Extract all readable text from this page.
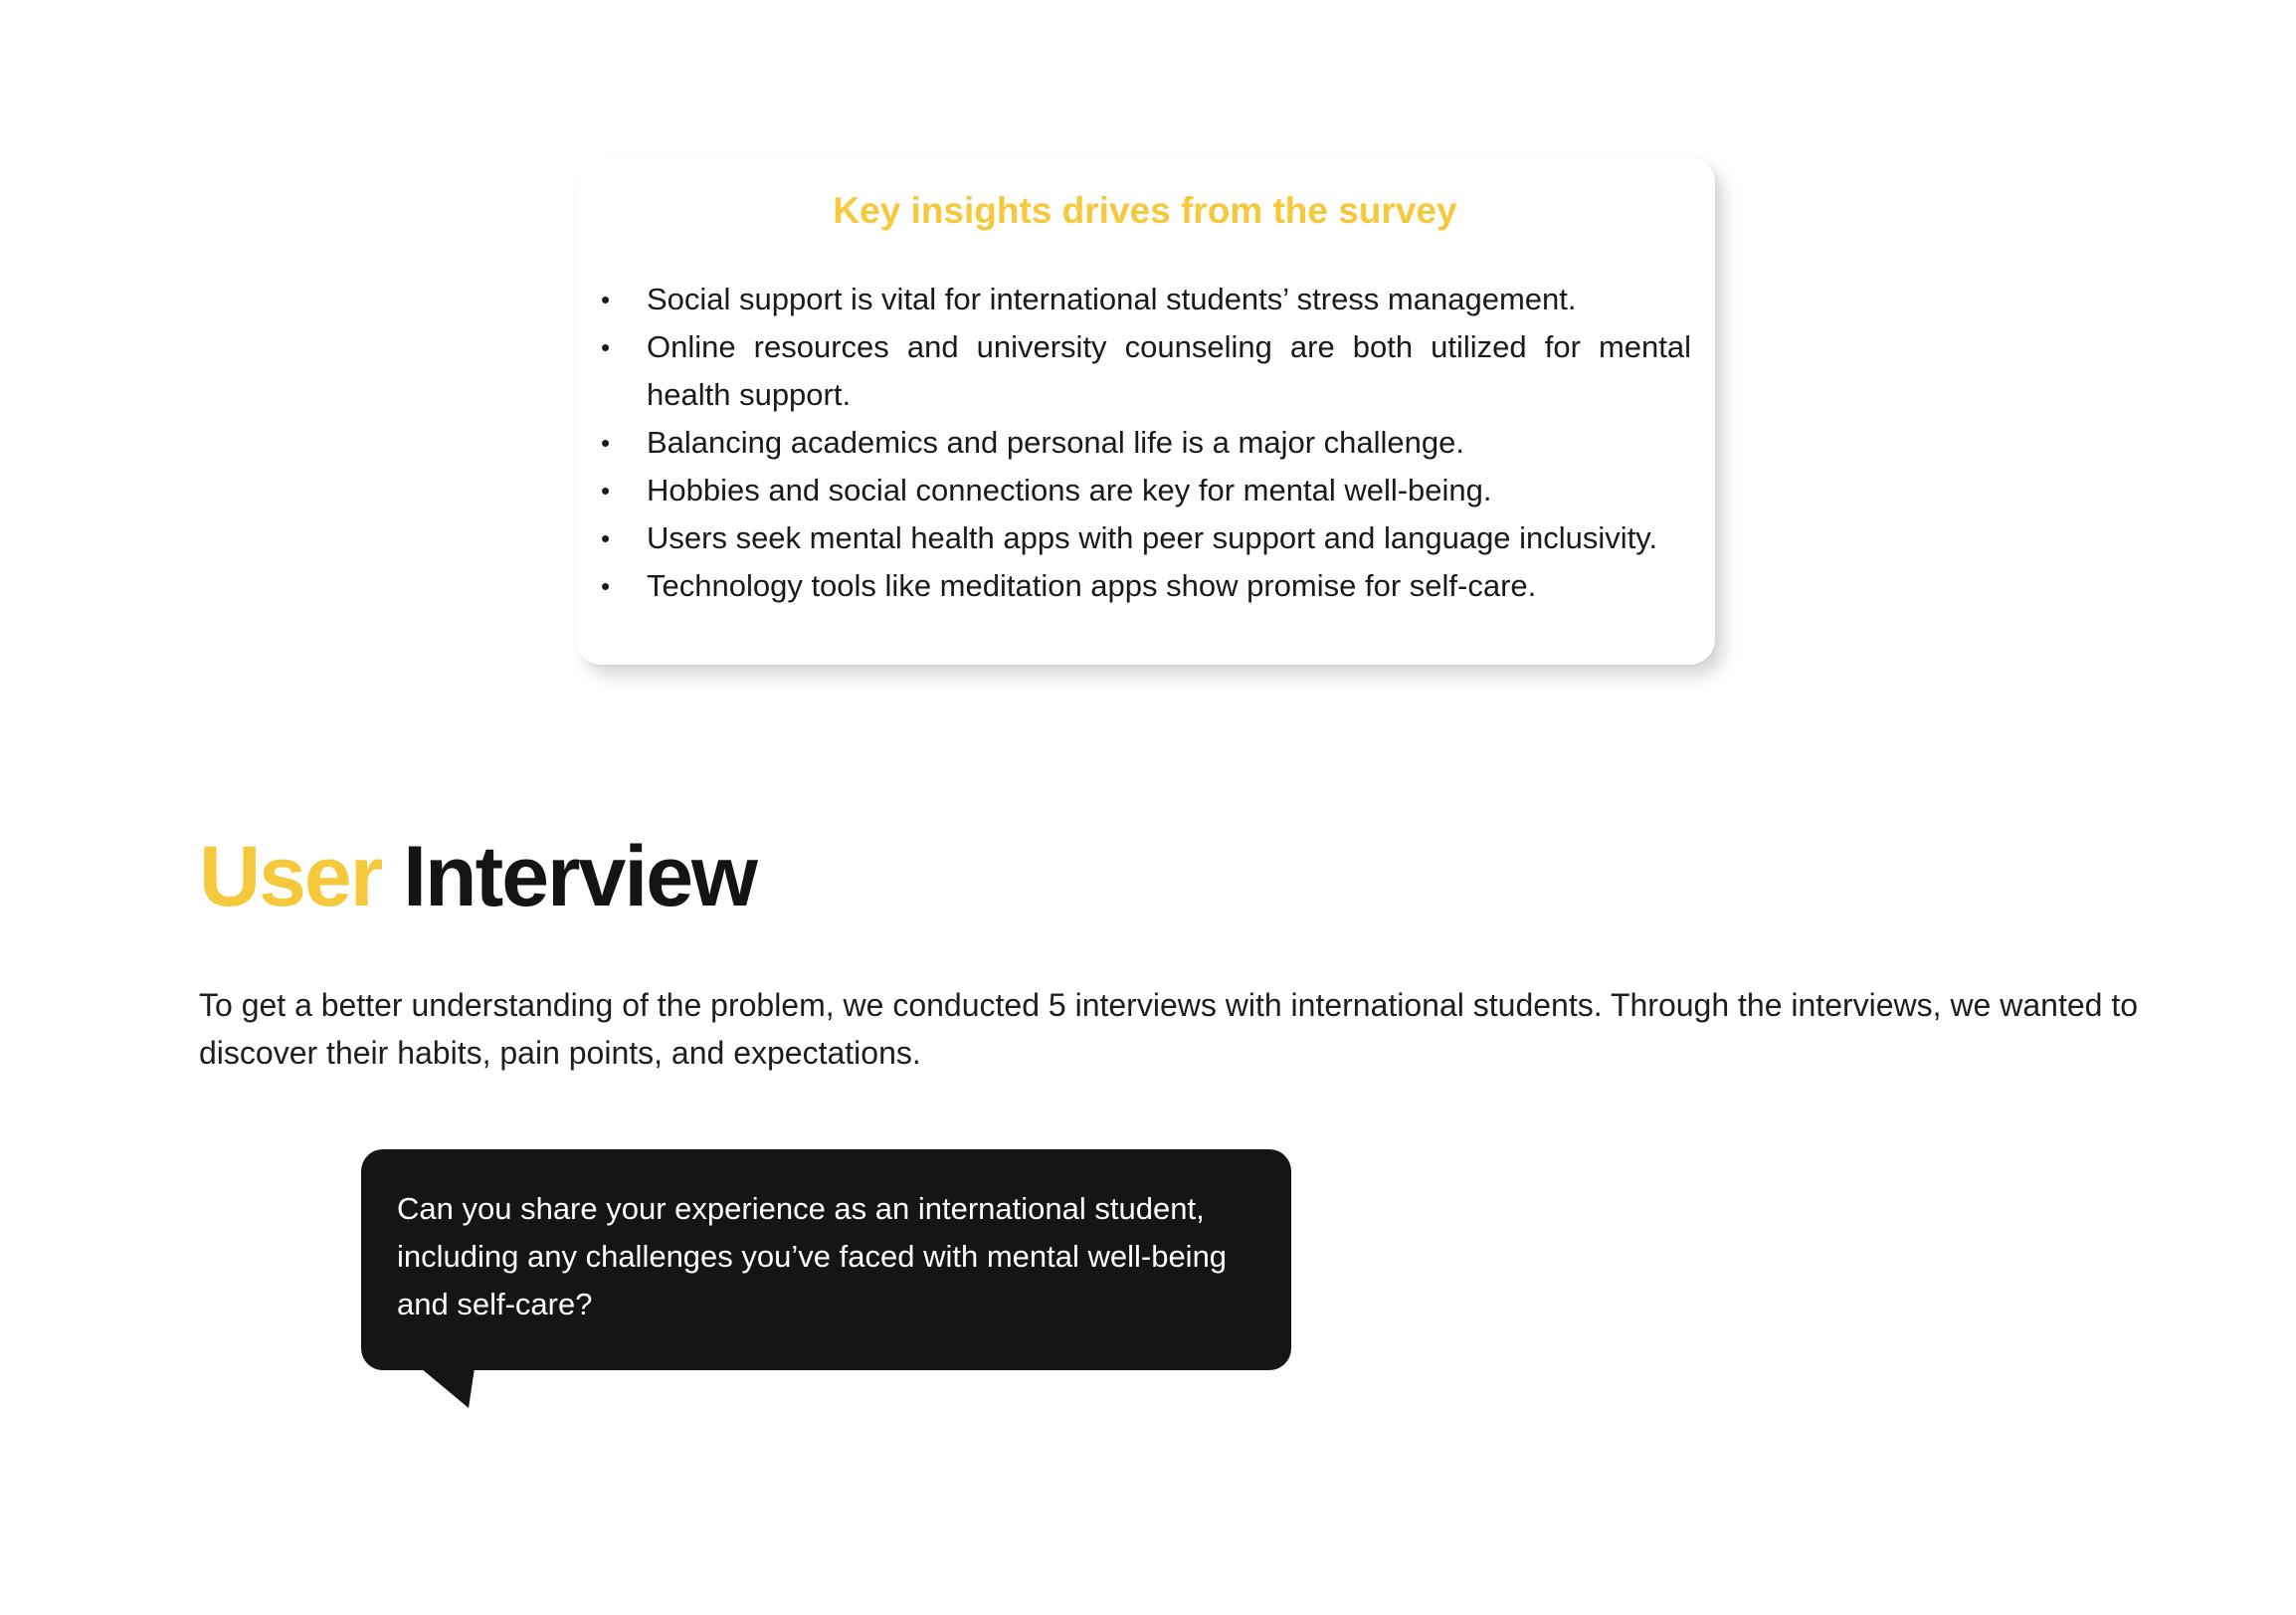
Key insights drives from the survey
• Social support is vital for international students’ stress management.
• Online resources and university counseling are both utilized for mental health support.
• Balancing academics and personal life is a major challenge.
• Hobbies and social connections are key for mental well-being.
• Users seek mental health apps with peer support and language inclusivity.
• Technology tools like meditation apps show promise for self-care.
User Interview

To get a better understanding of the problem, we conducted 5 interviews with international students. Through the interviews, we wanted to discover their habits, pain points, and expectations.

Can you share your experience as an international student, including any challenges you’ve faced with mental well-being and self-care?
